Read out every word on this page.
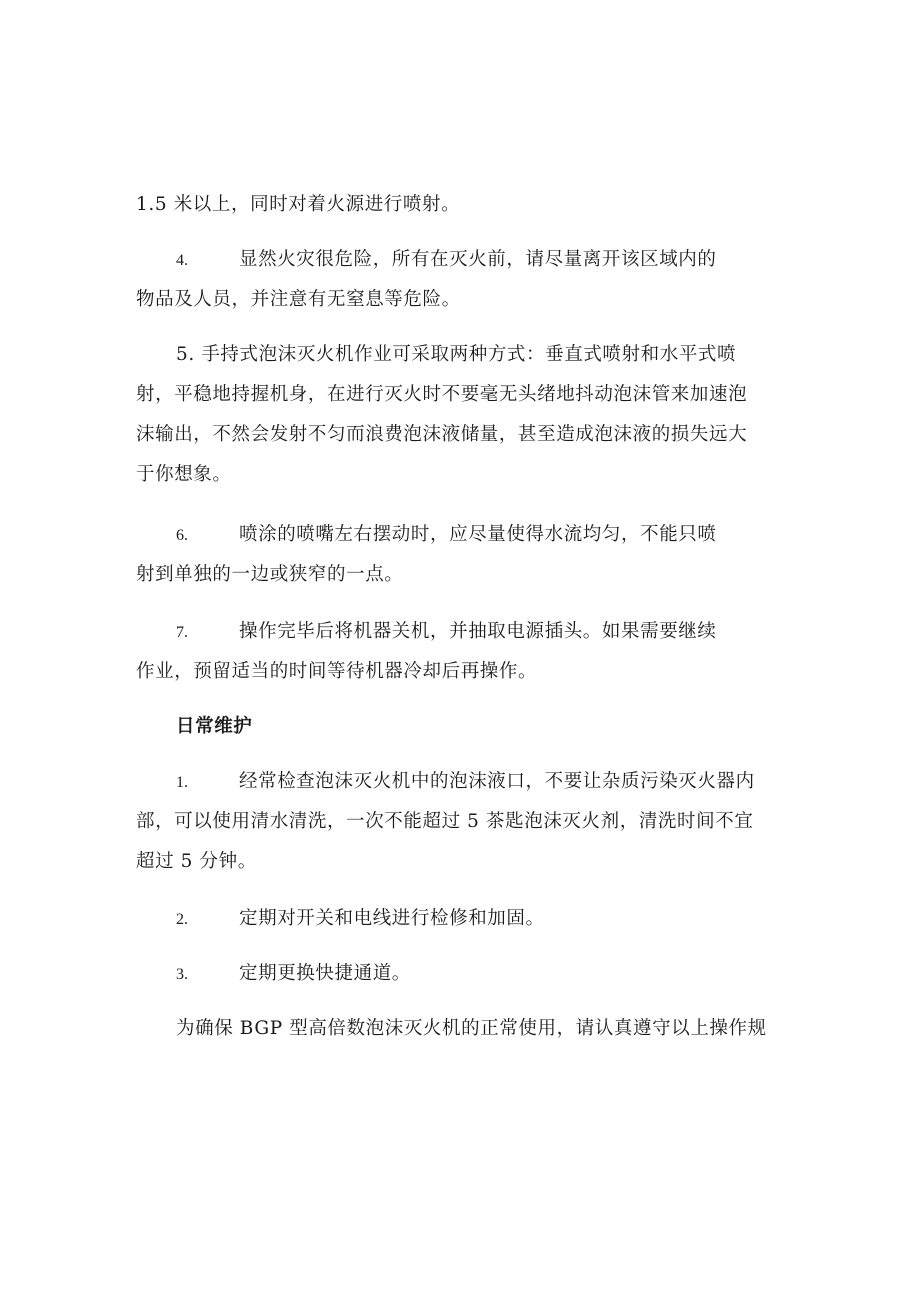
1.5 米以上，同时对着火源进行喷射。
4.	显然火灾很危险，所有在灭火前，请尽量离开该区域内的
物品及人员，并注意有无窒息等危险。
5. 手持式泡沫灭火机作业可采取两种方式：垂直式喷射和水平式喷
射，平稳地持握机身，在进行灭火时不要毫无头绪地抖动泡沫管来加速泡
沫输出，不然会发射不匀而浪费泡沫液储量，甚至造成泡沫液的损失远大
于你想象。
6.	喷涂的喷嘴左右摆动时，应尽量使得水流均匀，不能只喷
射到单独的一边或狭窄的一点。
7.	操作完毕后将机器关机，并抽取电源插头。如果需要继续
作业，预留适当的时间等待机器冷却后再操作。
日常维护
1.	经常检查泡沫灭火机中的泡沫液口，不要让杂质污染灭火器内
部，可以使用清水清洗，一次不能超过 5 茶匙泡沫灭火剂，清洗时间不宜
超过 5 分钟。
2.	定期对开关和电线进行检修和加固。
3.	定期更换快捷通道。
为确保 BGP 型高倍数泡沫灭火机的正常使用，请认真遵守以上操作规
